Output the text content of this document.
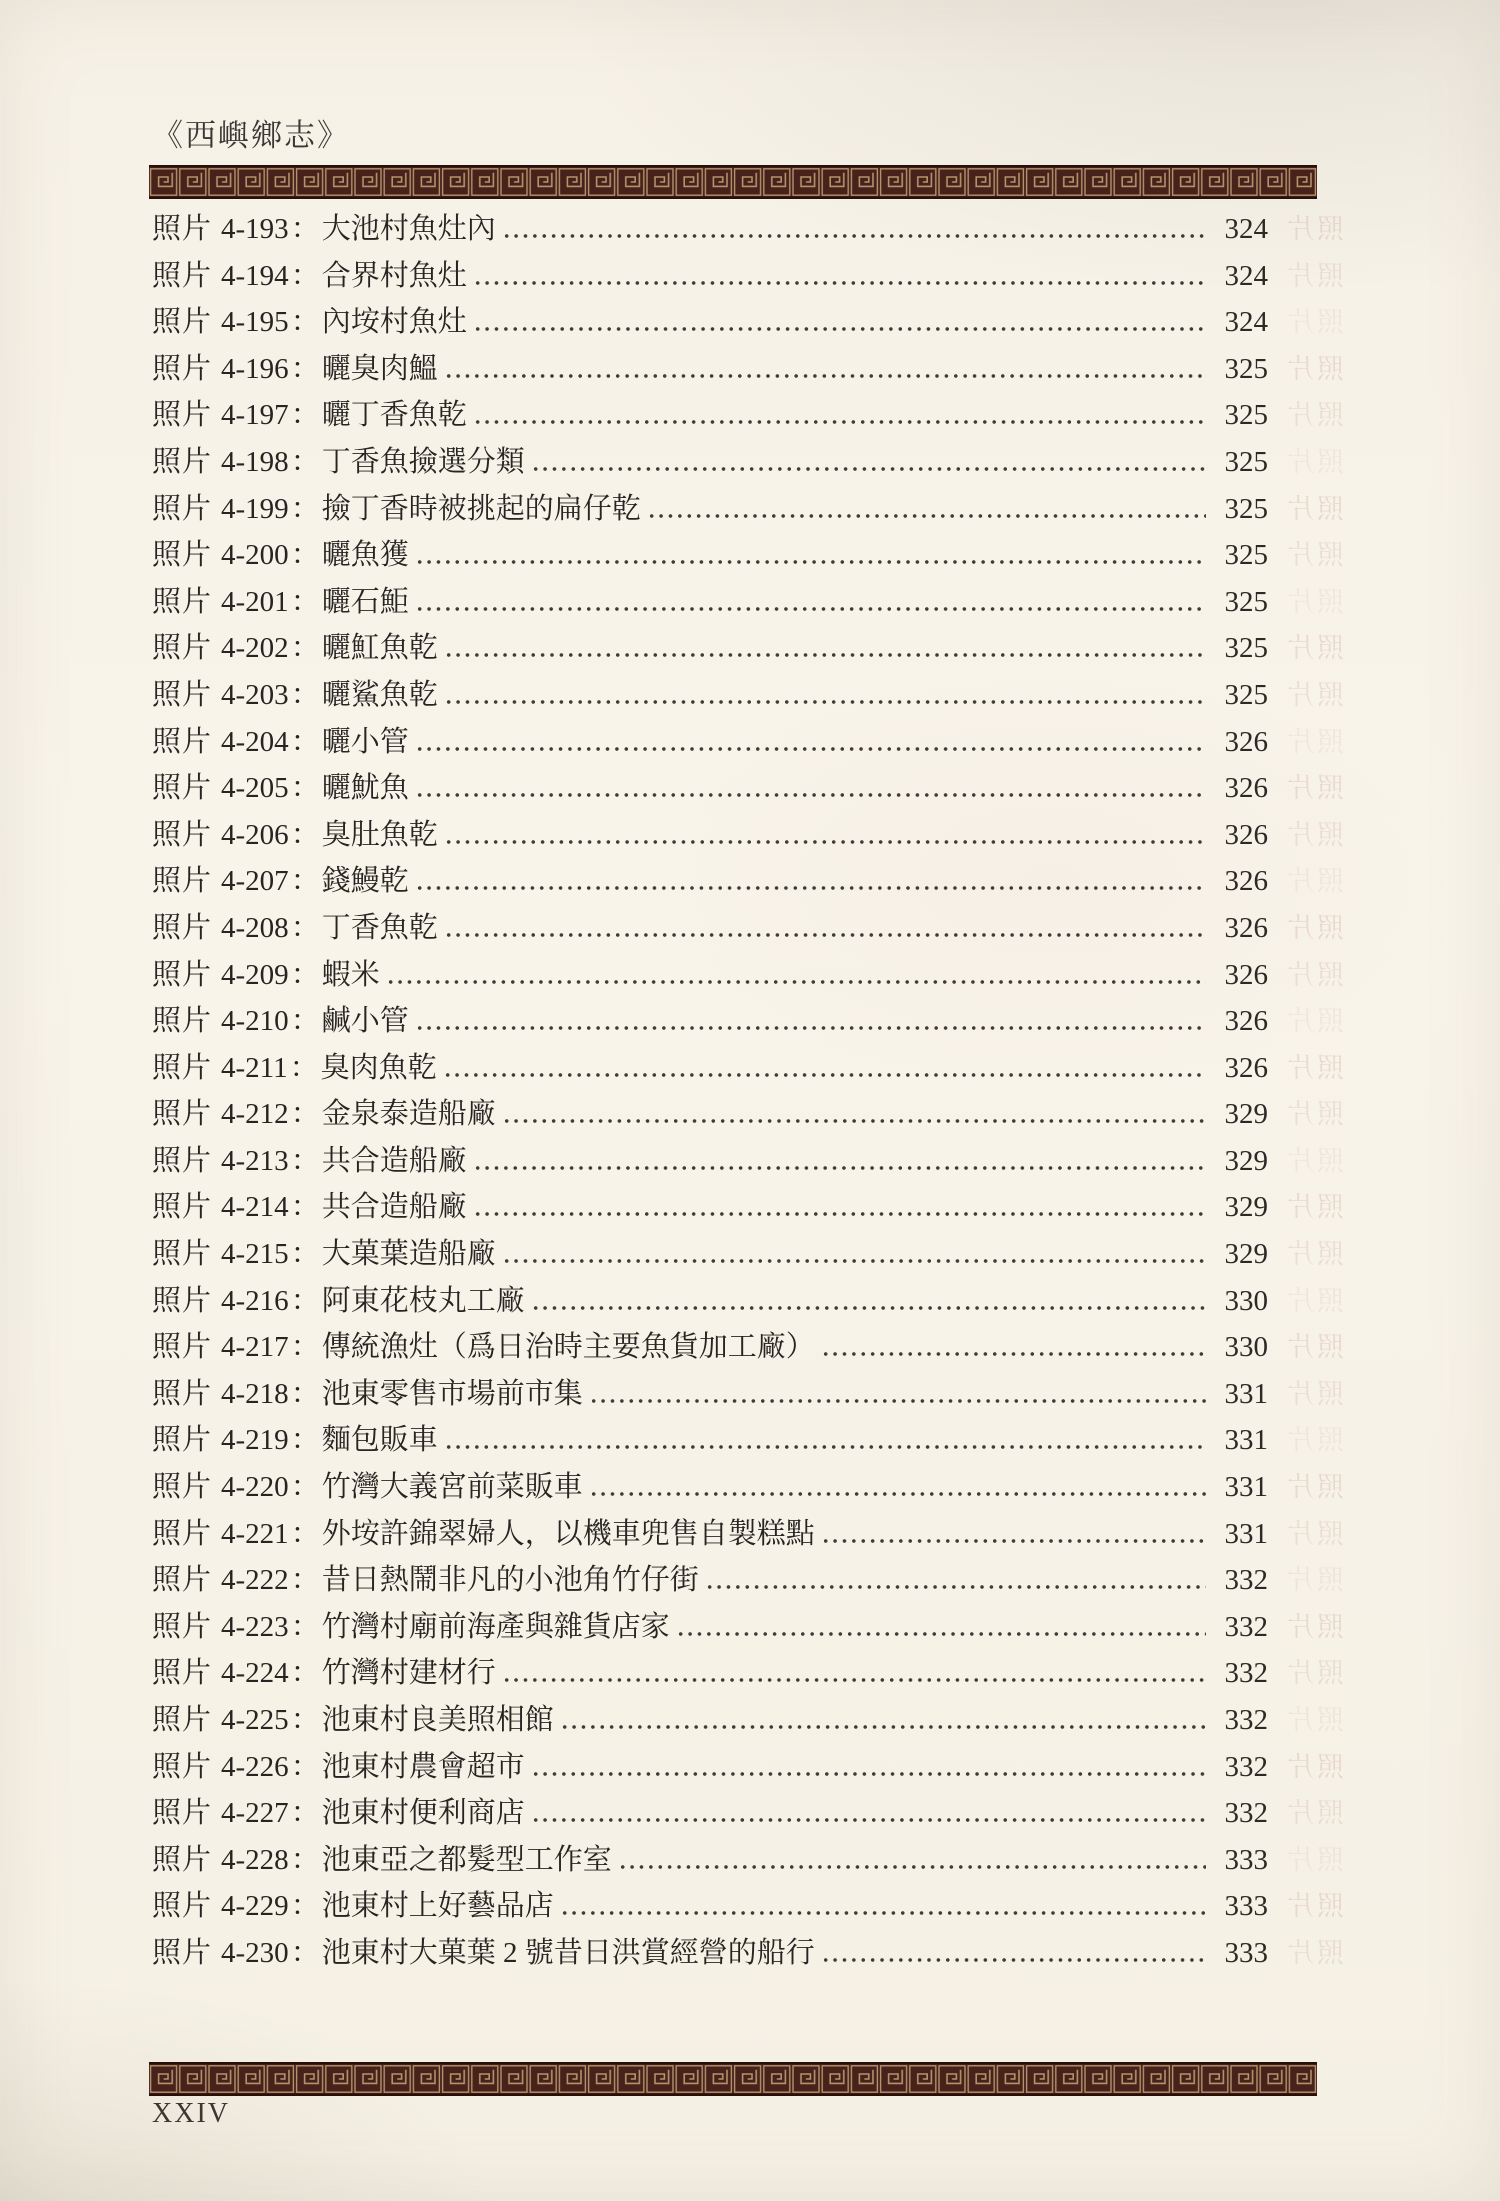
《西嶼鄉志》
照片 4-193 ： 大池村魚灶內	324 照片
照片 4-194 ： 合界村魚灶	324 照片
照片 4-195 ： 內垵村魚灶	324 照片
照片 4-196 ： 曬臭肉鰮	325 照片
照片 4-197 ： 曬丁香魚乾	325 照片
照片 4-198 ： 丁香魚撿選分類	325 照片
照片 4-199 ： 撿丁香時被挑起的扁仔乾	325 照片
照片 4-200 ： 曬魚獲	325 照片
照片 4-201 ： 曬石鮔	325 照片
照片 4-202 ： 曬魟魚乾	325 照片
照片 4-203 ： 曬鯊魚乾	325 照片
照片 4-204 ： 曬小管	326 照片
照片 4-205 ： 曬魷魚	326 照片
照片 4-206 ： 臭肚魚乾	326 照片
照片 4-207 ： 錢鰻乾	326 照片
照片 4-208 ： 丁香魚乾	326 照片
照片 4-209 ： 蝦米	326 照片
照片 4-210 ： 鹹小管	326 照片
照片 4-211 ： 臭肉魚乾	326 照片
照片 4-212 ： 金泉泰造船廠	329 照片
照片 4-213 ： 共合造船廠	329 照片
照片 4-214 ： 共合造船廠	329 照片
照片 4-215 ： 大菓葉造船廠	329 照片
照片 4-216 ： 阿東花枝丸工廠	330 照片
照片 4-217 ： 傳統漁灶（爲日治時主要魚貨加工廠）	330 照片
照片 4-218 ： 池東零售市場前市集	331 照片
照片 4-219 ： 麵包販車	331 照片
照片 4-220 ： 竹灣大義宮前菜販車	331 照片
照片 4-221 ： 外垵許錦翠婦人，以機車兜售自製糕點	331 照片
照片 4-222 ： 昔日熱鬧非凡的小池角竹仔街	332 照片
照片 4-223 ： 竹灣村廟前海產與雜貨店家	332 照片
照片 4-224 ： 竹灣村建材行	332 照片
照片 4-225 ： 池東村良美照相館	332 照片
照片 4-226 ： 池東村農會超市	332 照片
照片 4-227 ： 池東村便利商店	332 照片
照片 4-228 ： 池東亞之都髮型工作室	333 照片
照片 4-229 ： 池東村上好藝品店	333 照片
照片 4-230 ： 池東村大菓葉 2 號昔日洪賞經營的船行	333 照片
XXIV
